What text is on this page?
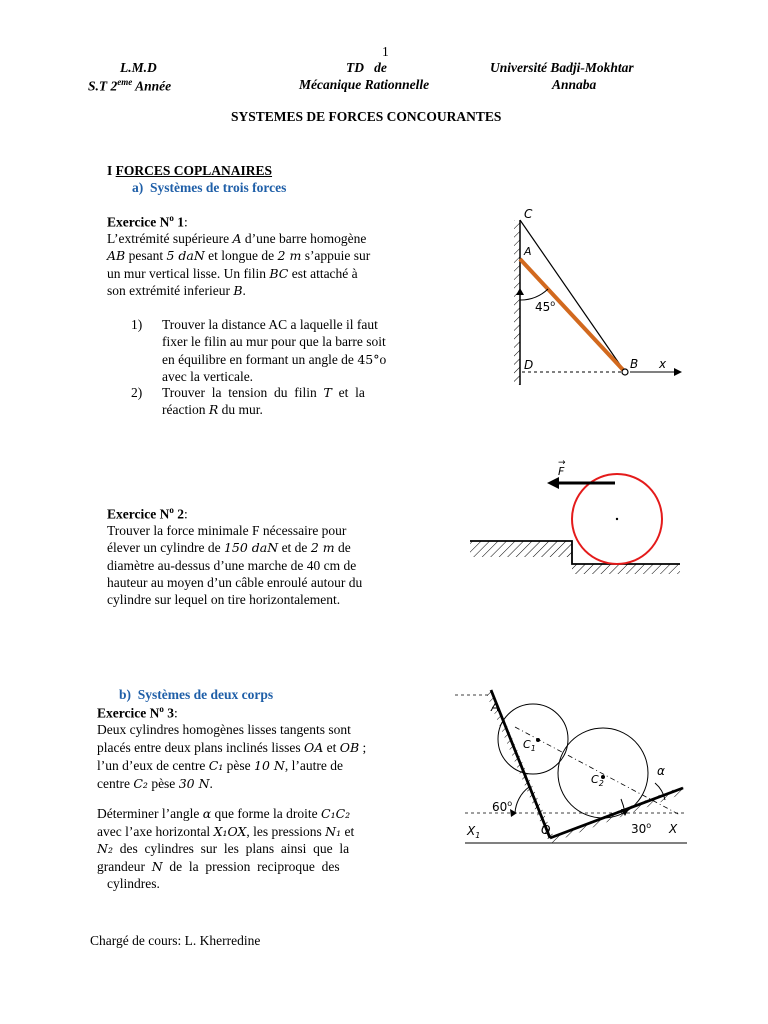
1
L.M.D
S.T 2eme Année
TD   de
Mécanique Rationnelle
Université Badji-Mokhtar
Annaba
SYSTEMES DE FORCES CONCOURANTES
I FORCES COPLANAIRES
a)  Systèmes de trois forces
Exercice $N^o$ 1:
L’extrémité supérieure A d’une barre homogène
AB pesant 5 daN et longue de 2 m s’appuie sur
un mur vertical lisse. Un filin BC est attaché à
son extrémité inferieur B.
1) Trouver la distance AC a laquelle il faut
fixer le filin au mur pour que la barre soit
en équilibre en formant un angle de 45°o
avec la verticale.
2) Trouver  la  tension  du  filin  T  et  la
réaction R du mur.
C
A
45$^o$
D	B x
Exercice $N^o$ 2:
Trouver la force minimale F nécessaire pour
élever un cylindre de 150 daN et de 2 m de
diamètre au-dessus d’une marche de 40 cm de
hauteur au moyen d’un câble enroulé autour du
cylindre sur lequel on tire horizontalement.
F
→
b)  Systèmes de deux corps
Exercice $N^o$ 3:
Deux cylindres homogènes lisses tangents sont
placés entre deux plans inclinés lisses OA et OB ;
l’un d’eux de centre C₁ pèse 10 N, l’autre de
centre C₂ pèse 30 N.
Déterminer l’angle α que forme la droite C₁C₂
avec l’axe horizontal X₁OX, les pressions N₁ et
N₂  des  cylindres  sur  les  plans  ainsi  que  la
grandeur  N  de  la  pression  reciproque  des
cylindres.
A
$C_1$
$C_2$
α
60$^o$
30$^o$
$X_1$	O	X
Chargé de cours: L. Kherredine
